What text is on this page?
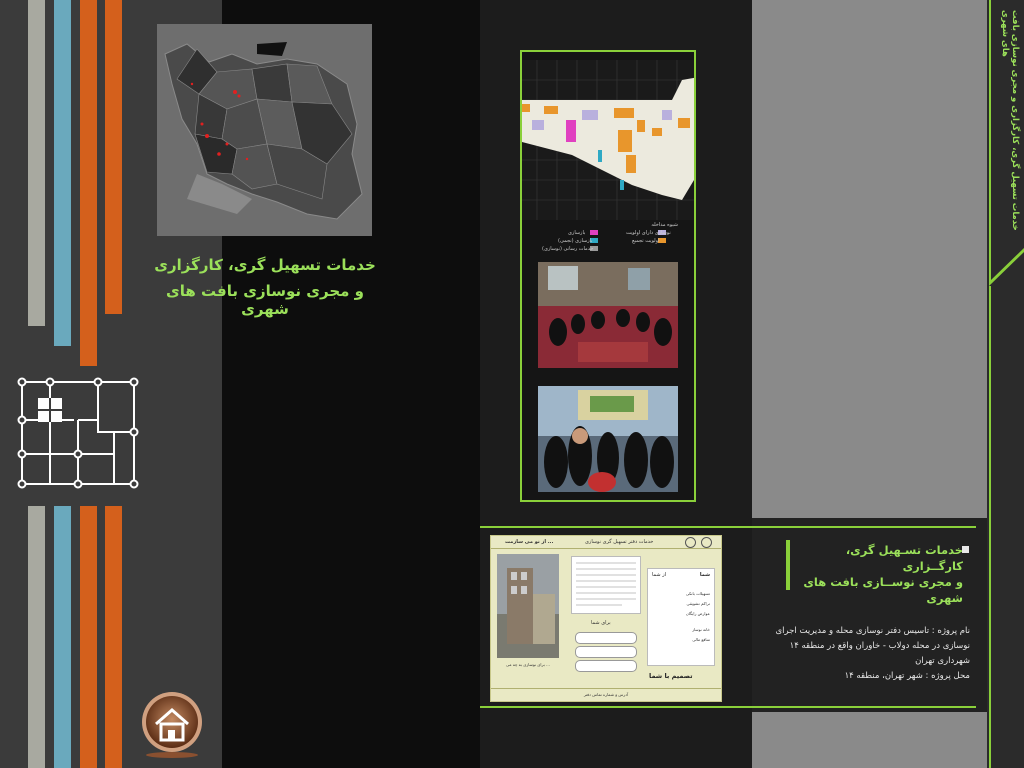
خدمات تسهیل گری، کارگزاری
و مجری نوسازی بافت های شهری
شیوه مداخله
بازسازی	نوسازی دارای اولویت
بازسازی (نجمی)	اولویت تجمیع
خدمات رسانی (نوسازی)
از نو می سازمت ...	خدمات دفتر تسهیل گری نوسازی
برای نوسازی به چه می ...
برای شما
تصمیم با شما
شما
از شما
تسهیلات بانکی
تراکم تشویقی
عوارض رایگان
خانه نوساز
منافع مالی
آدرس و شماره تماس دفتر
خدمات تسـهیل گری، کارگــزاری
و مجری نوســازی بافت های شهری
نام پروژه : تاسیس دفتر نوسازی محله و مدیریت اجرای
نوسازی در محله دولاب - خاوران واقع در منطقه ۱۴
شهرداری تهران
محل پروژه : شهر تهران، منطقه ۱۴
خدمات تسهیل گری، کارگزاری و مجری نوسازی بافت های شهری
